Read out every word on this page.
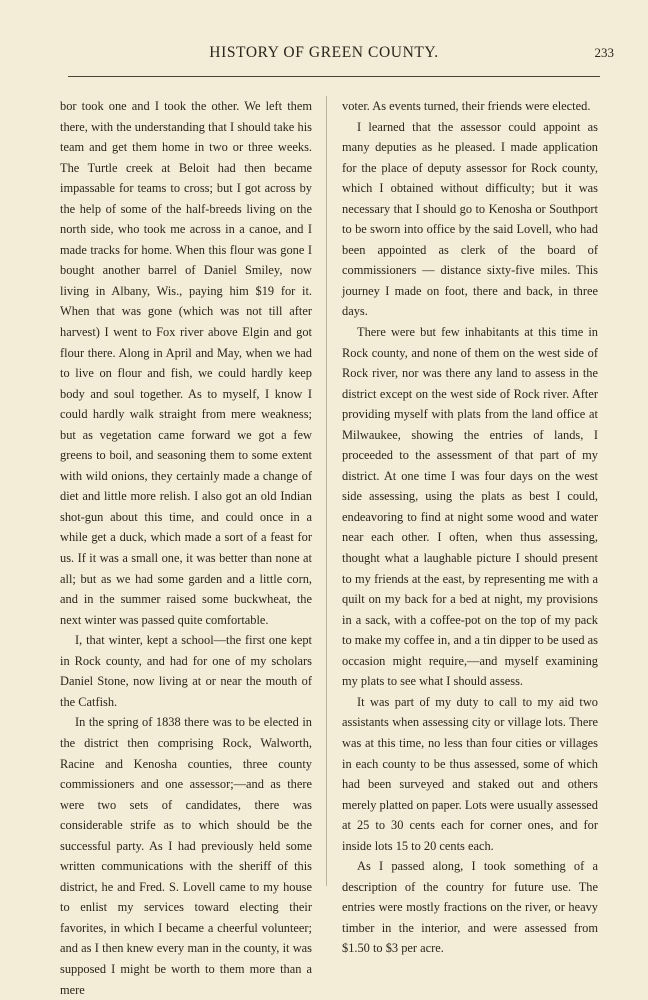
HISTORY OF GREEN COUNTY.	233

bor took one and I took the other. We left them there, with the understanding that I should take his team and get them home in two or three weeks. The Turtle creek at Beloit had then became impassable for teams to cross; but I got across by the help of some of the half-breeds living on the north side, who took me across in a canoe, and I made tracks for home. When this flour was gone I bought another barrel of Daniel Smiley, now living in Albany, Wis., paying him $19 for it. When that was gone (which was not till after harvest) I went to Fox river above Elgin and got flour there. Along in April and May, when we had to live on flour and fish, we could hardly keep body and soul together. As to myself, I know I could hardly walk straight from mere weakness; but as vegetation came forward we got a few greens to boil, and seasoning them to some extent with wild onions, they certainly made a change of diet and little more relish. I also got an old Indian shot-gun about this time, and could once in a while get a duck, which made a sort of a feast for us. If it was a small one, it was better than none at all; but as we had some garden and a little corn, and in the summer raised some buckwheat, the next winter was passed quite comfortable.

I, that winter, kept a school—the first one kept in Rock county, and had for one of my scholars Daniel Stone, now living at or near the mouth of the Catfish.

In the spring of 1838 there was to be elected in the district then comprising Rock, Walworth, Racine and Kenosha counties, three county commissioners and one assessor;—and as there were two sets of candidates, there was considerable strife as to which should be the successful party. As I had previously held some written communications with the sheriff of this district, he and Fred. S. Lovell came to my house to enlist my services toward electing their favorites, in which I became a cheerful volunteer; and as I then knew every man in the county, it was supposed I might be worth to them more than a mere

voter. As events turned, their friends were elected.

I learned that the assessor could appoint as many deputies as he pleased. I made application for the place of deputy assessor for Rock county, which I obtained without difficulty; but it was necessary that I should go to Kenosha or Southport to be sworn into office by the said Lovell, who had been appointed as clerk of the board of commissioners — distance sixty-five miles. This journey I made on foot, there and back, in three days.

There were but few inhabitants at this time in Rock county, and none of them on the west side of Rock river, nor was there any land to assess in the district except on the west side of Rock river. After providing myself with plats from the land office at Milwaukee, showing the entries of lands, I proceeded to the assessment of that part of my district. At one time I was four days on the west side assessing, using the plats as best I could, endeavoring to find at night some wood and water near each other. I often, when thus assessing, thought what a laughable picture I should present to my friends at the east, by representing me with a quilt on my back for a bed at night, my provisions in a sack, with a coffee-pot on the top of my pack to make my coffee in, and a tin dipper to be used as occasion might require,—and myself examining my plats to see what I should assess.

It was part of my duty to call to my aid two assistants when assessing city or village lots. There was at this time, no less than four cities or villages in each county to be thus assessed, some of which had been surveyed and staked out and others merely platted on paper. Lots were usually assessed at 25 to 30 cents each for corner ones, and for inside lots 15 to 20 cents each.

As I passed along, I took something of a description of the country for future use. The entries were mostly fractions on the river, or heavy timber in the interior, and were assessed from $1.50 to $3 per acre.
